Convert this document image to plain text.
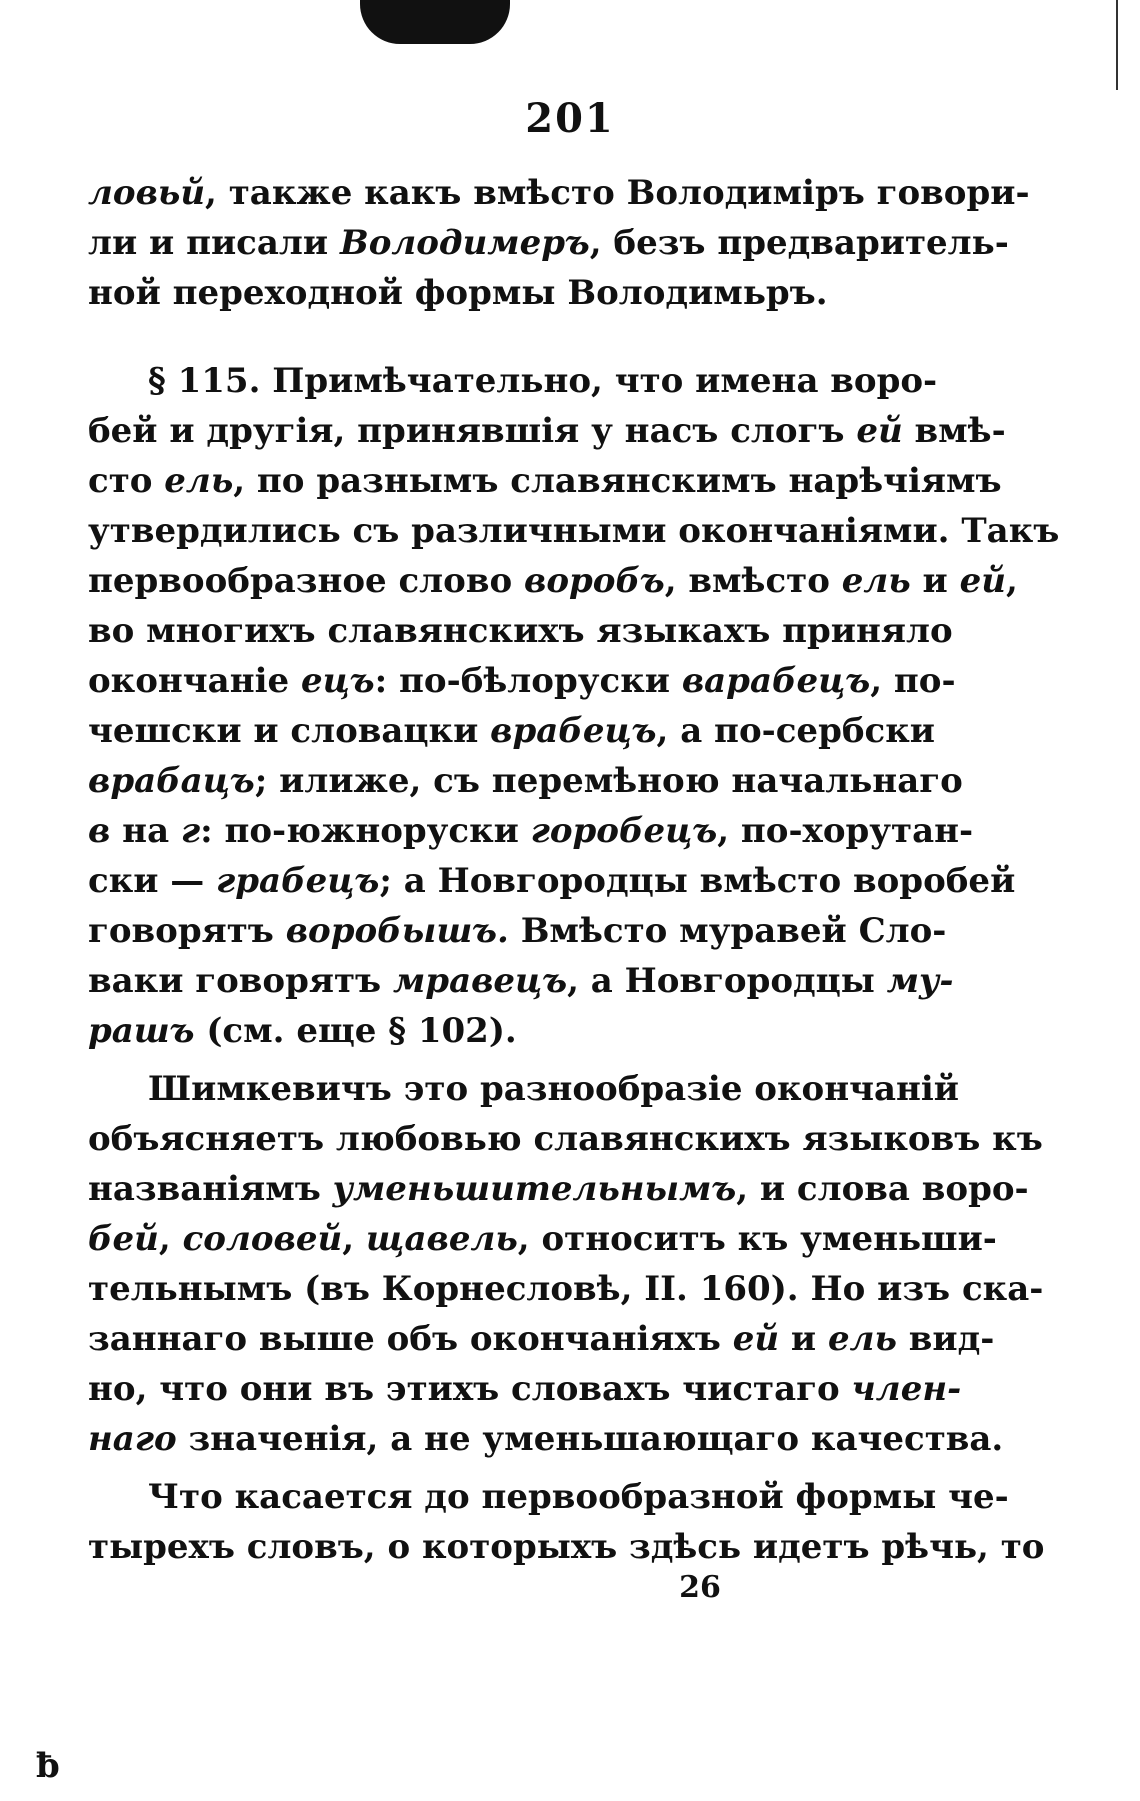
201
ловьй, также какъ вмѣсто Володимiръ говори-
ли и писали Володимеръ, безъ предваритель-
ной переходной формы Володимьръ.
§ 115. Примѣчательно, что имена воро-
бей и другiя, принявшiя у насъ слогъ ей вмѣ-
сто ель, по разнымъ славянскимъ нарѣчiямъ
утвердились съ различными окончанiями. Такъ
первообразное слово воробъ, вмѣсто ель и ей,
во многихъ славянскихъ языкахъ приняло
окончанiе ецъ: по-бѣлоруски варабецъ, по-
чешски и словацки врабецъ, а по-сербски
врабацъ; илиже, съ перемѣною начальнаго
в на г: по-южноруски горобецъ, по-хорутан-
ски — грабецъ; а Новгородцы вмѣсто воробей
говорятъ воробышъ. Вмѣсто муравей Сло-
ваки говорятъ мравецъ, а Новгородцы му-
рашъ (см. еще § 102).
Шимкевичъ это разнообразiе окончанiй
объясняетъ любовью славянскихъ языковъ къ
названiямъ уменьшительнымъ, и слова воро-
бей, соловей, щавель, относитъ къ уменьши-
тельнымъ (въ Корнесловѣ, II. 160). Но изъ ска-
заннаго выше объ окончанiяхъ ей и ель вид-
но, что они въ этихъ словахъ чистаго член-
наго значенiя, а не уменьшающаго качества.
Что касается до первообразной формы че-
тырехъ словъ, о которыхъ здѣсь идетъ рѣчь, то
26
ƀ
